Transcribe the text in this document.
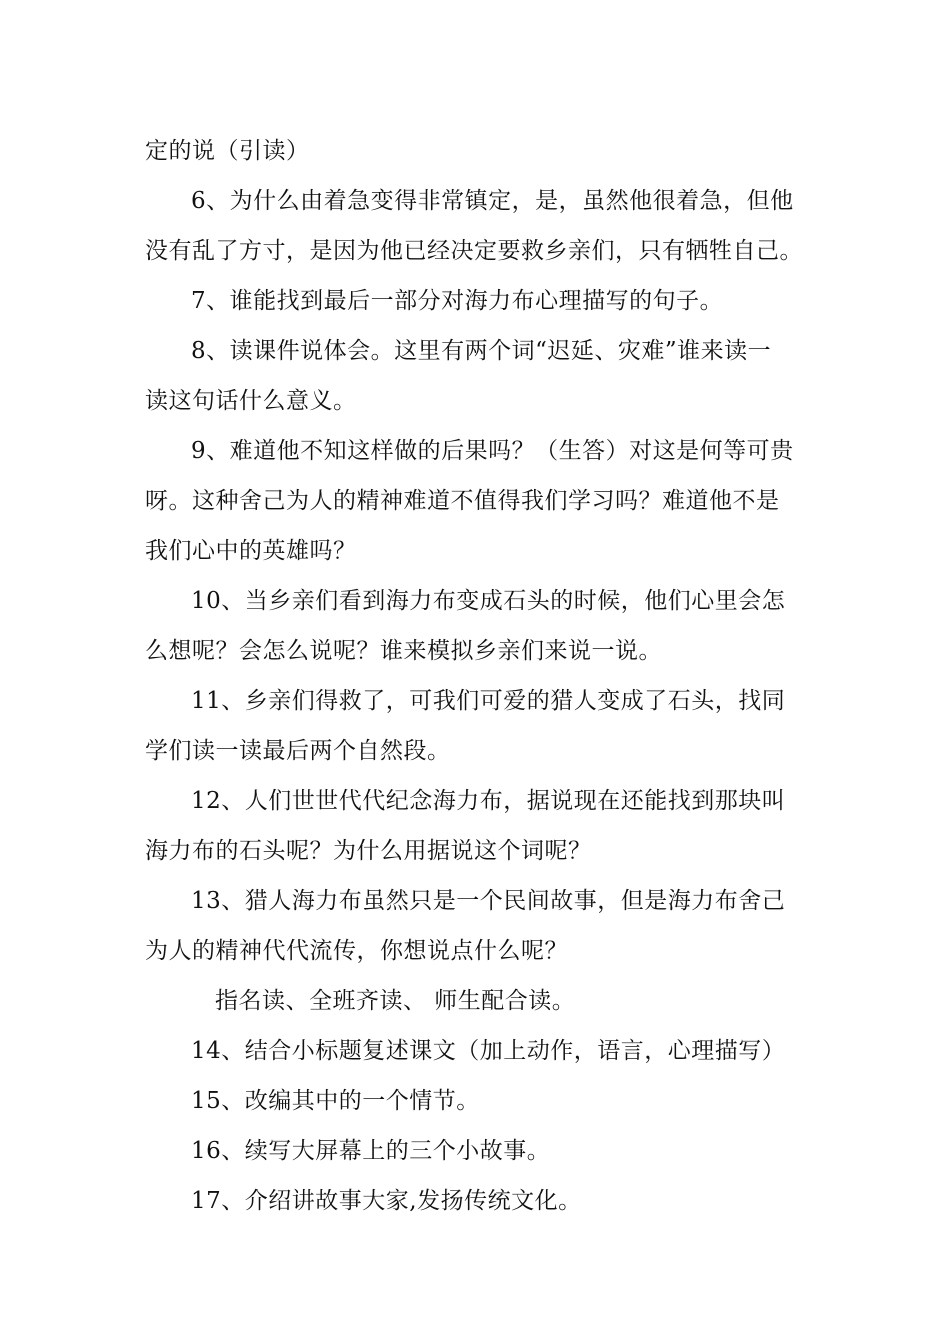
定的说（引读）

6、为什么由着急变得非常镇定，是，虽然他很着急，但他
没有乱了方寸，是因为他已经决定要救乡亲们，只有牺牲自己。

7、谁能找到最后一部分对海力布心理描写的句子。

8、读课件说体会。这里有两个词“迟延、灾难”谁来读一
读这句话什么意义。

9、难道他不知这样做的后果吗？（生答）对这是何等可贵
呀。这种舍己为人的精神难道不值得我们学习吗？难道他不是
我们心中的英雄吗？

10、当乡亲们看到海力布变成石头的时候，他们心里会怎
么想呢？会怎么说呢？谁来模拟乡亲们来说一说。

11、乡亲们得救了，可我们可爱的猎人变成了石头，找同
学们读一读最后两个自然段。

12、人们世世代代纪念海力布，据说现在还能找到那块叫
海力布的石头呢？为什么用据说这个词呢？

13、猎人海力布虽然只是一个民间故事，但是海力布舍己
为人的精神代代流传，你想说点什么呢？

指名读、全班齐读、 师生配合读。

14、结合小标题复述课文（加上动作，语言，心理描写）

15、改编其中的一个情节。

16、续写大屏幕上的三个小故事。

17、介绍讲故事大家,发扬传统文化。
